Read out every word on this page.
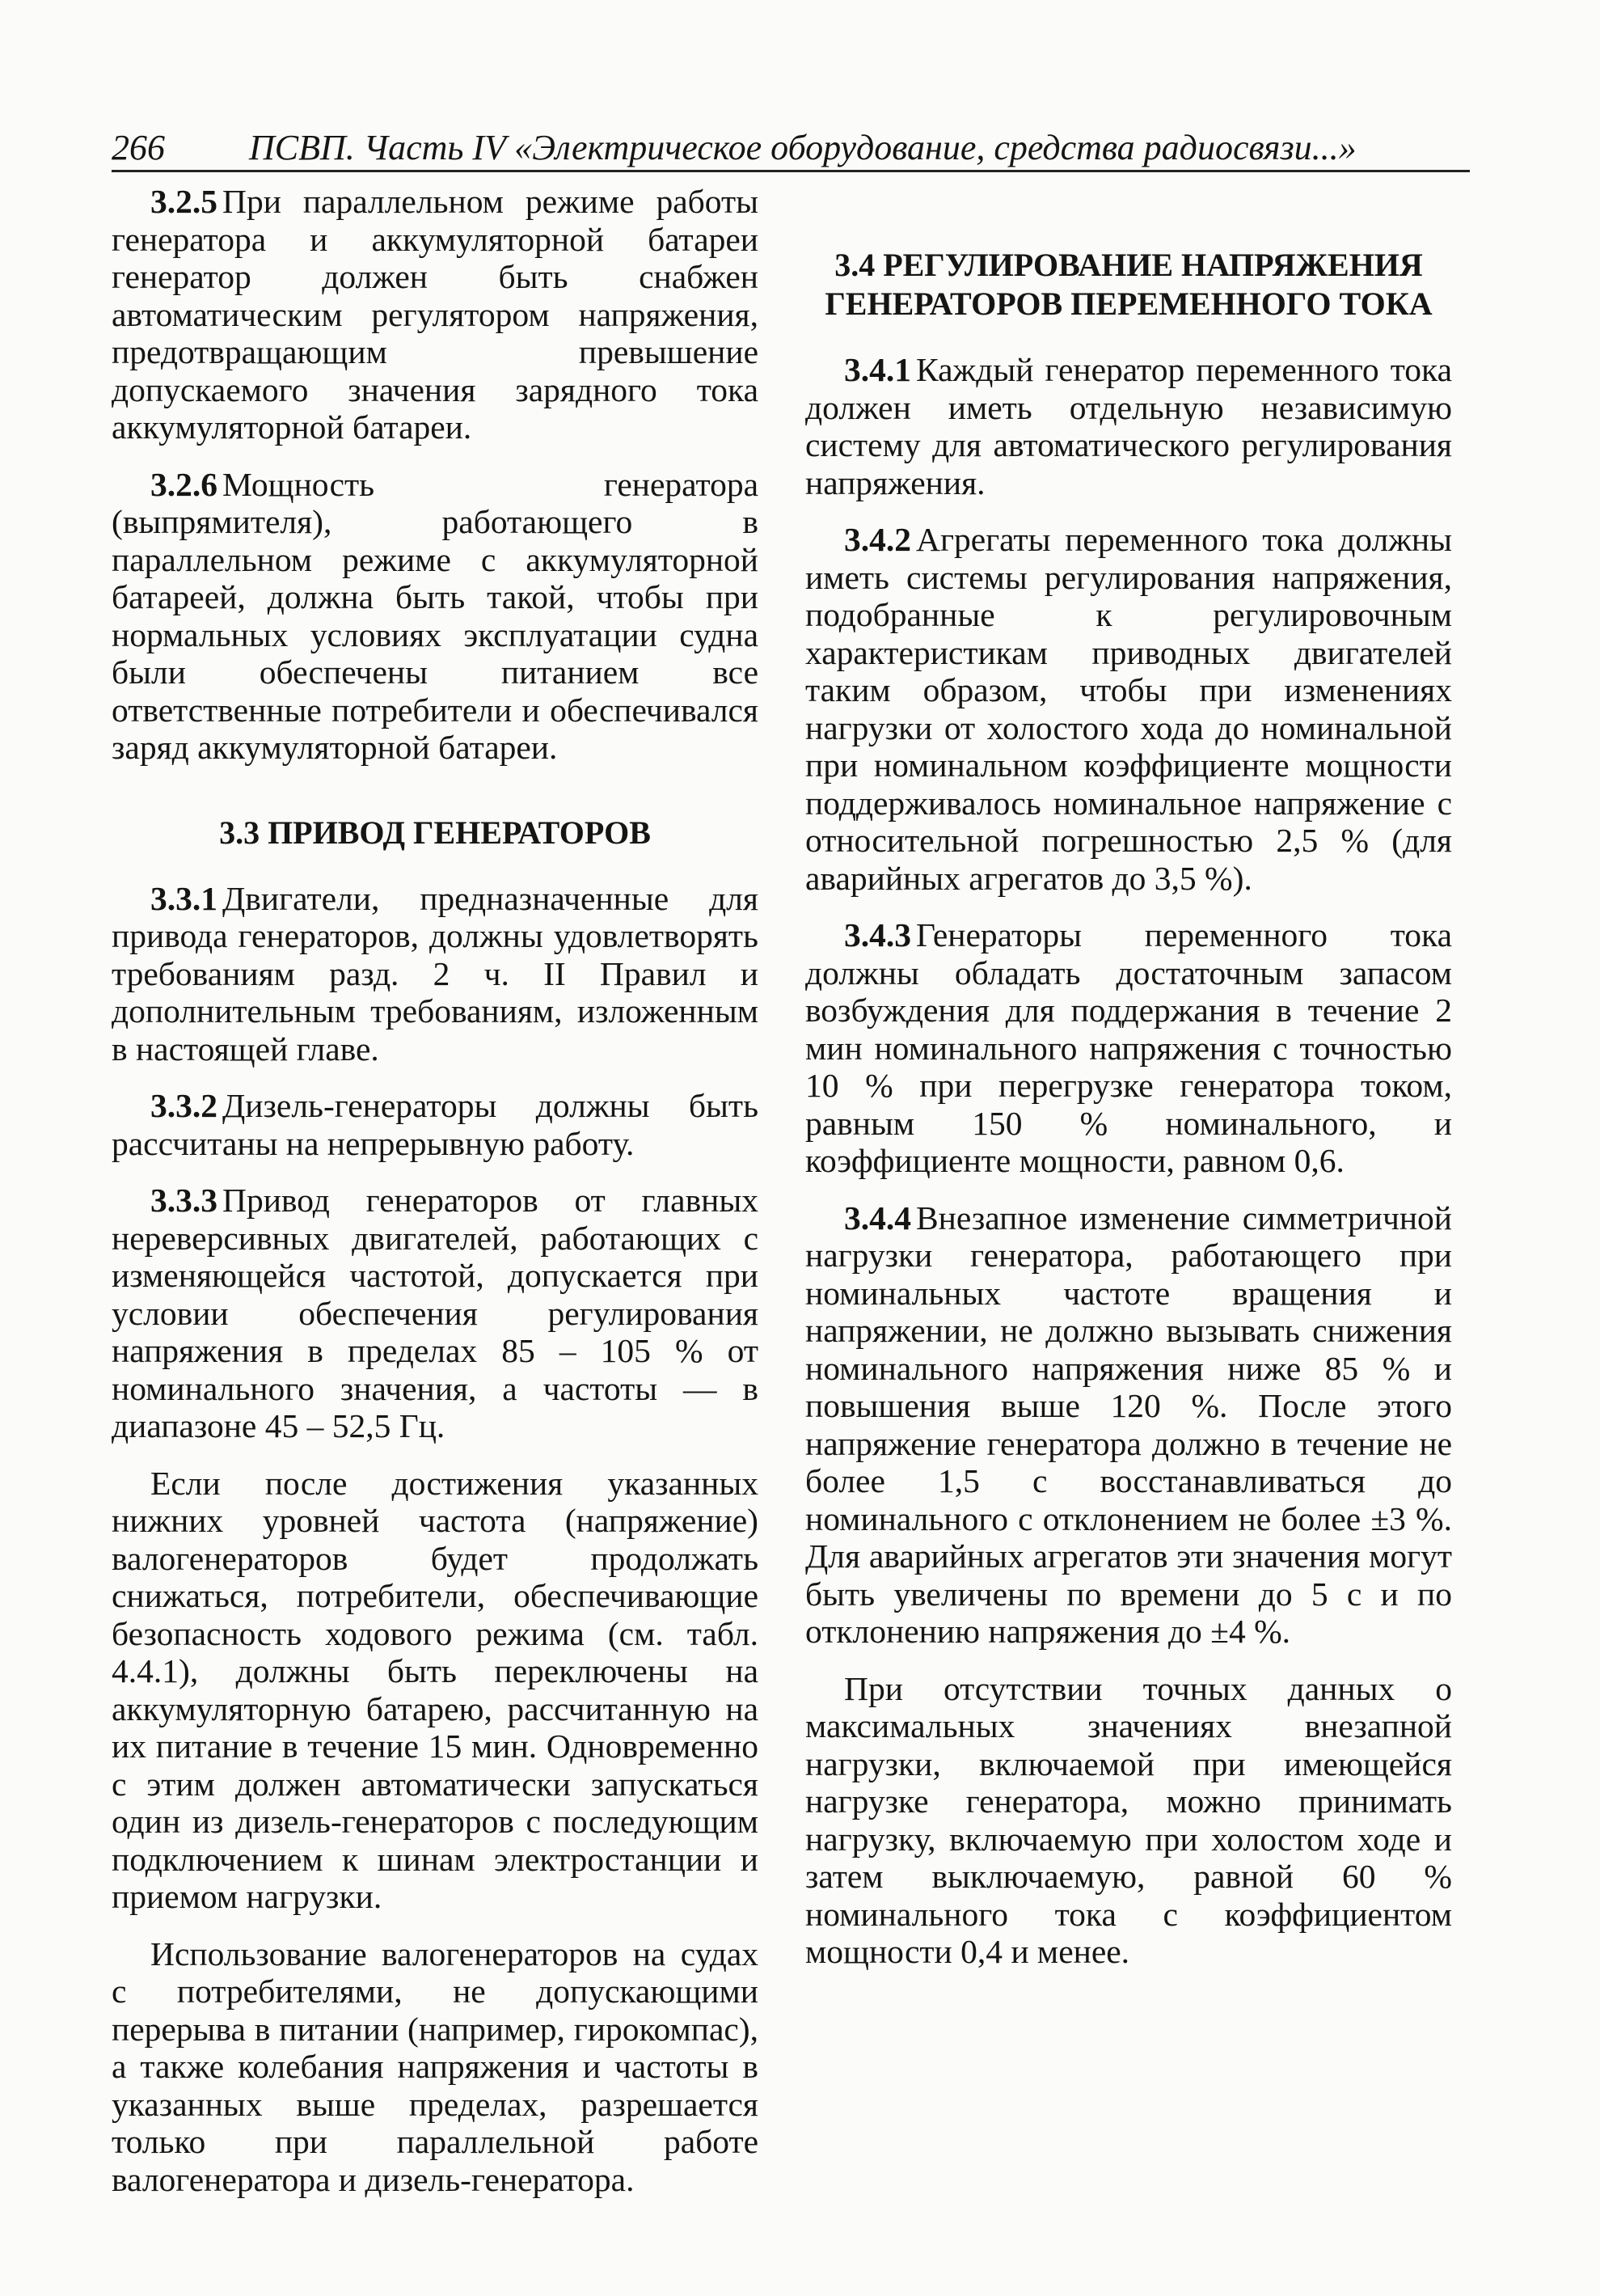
266	ПСВП. Часть IV «Электрическое оборудование, средства радиосвязи...»

3.2.5 При параллельном режиме работы генератора и аккумуляторной батареи генератор должен быть снабжен автоматическим регулятором напряжения, предотвращающим превышение допускаемого значения зарядного тока аккумуляторной батареи.

3.2.6 Мощность генератора (выпрямителя), работающего в параллельном режиме с аккумуляторной батареей, должна быть такой, чтобы при нормальных условиях эксплуатации судна были обеспечены питанием все ответственные потребители и обеспечивался заряд аккумуляторной батареи.

3.3 ПРИВОД ГЕНЕРАТОРОВ

3.3.1 Двигатели, предназначенные для привода генераторов, должны удовлетворять требованиям разд. 2 ч. II Правил и дополнительным требованиям, изложенным в настоящей главе.

3.3.2 Дизель-генераторы должны быть рассчитаны на непрерывную работу.

3.3.3 Привод генераторов от главных нереверсивных двигателей, работающих с изменяющейся частотой, допускается при условии обеспечения регулирования напряжения в пределах 85 – 105 % от номинального значения, а частоты — в диапазоне 45 – 52,5 Гц.

Если после достижения указанных нижних уровней частота (напряжение) валогенераторов будет продолжать снижаться, потребители, обеспечивающие безопасность ходового режима (см. табл. 4.4.1), должны быть переключены на аккумуляторную батарею, рассчитанную на их питание в течение 15 мин. Одновременно с этим должен автоматически запускаться один из дизель-генераторов с последующим подключением к шинам электростанции и приемом нагрузки.

Использование валогенераторов на судах с потребителями, не допускающими перерыва в питании (например, гирокомпас), а также колебания напряжения и частоты в указанных выше пределах, разрешается только при параллельной работе валогенератора и дизель-генератора.

3.4 РЕГУЛИРОВАНИЕ НАПРЯЖЕНИЯ ГЕНЕРАТОРОВ ПЕРЕМЕННОГО ТОКА

3.4.1 Каждый генератор переменного тока должен иметь отдельную независимую систему для автоматического регулирования напряжения.

3.4.2 Агрегаты переменного тока должны иметь системы регулирования напряжения, подобранные к регулировочным характеристикам приводных двигателей таким образом, чтобы при изменениях нагрузки от холостого хода до номинальной при номинальном коэффициенте мощности поддерживалось номинальное напряжение с относительной погрешностью 2,5 % (для аварийных агрегатов до 3,5 %).

3.4.3 Генераторы переменного тока должны обладать достаточным запасом возбуждения для поддержания в течение 2 мин номинального напряжения с точностью 10 % при перегрузке генератора током, равным 150 % номинального, и коэффициенте мощности, равном 0,6.

3.4.4 Внезапное изменение симметричной нагрузки генератора, работающего при номинальных частоте вращения и напряжении, не должно вызывать снижения номинального напряжения ниже 85 % и повышения выше 120 %. После этого напряжение генератора должно в течение не более 1,5 с восстанавливаться до номинального с отклонением не более ±3 %. Для аварийных агрегатов эти значения могут быть увеличены по времени до 5 с и по отклонению напряжения до ±4 %.

При отсутствии точных данных о максимальных значениях внезапной нагрузки, включаемой при имеющейся нагрузке генератора, можно принимать нагрузку, включаемую при холостом ходе и затем выключаемую, равной 60 % номинального тока с коэффициентом мощности 0,4 и менее.
